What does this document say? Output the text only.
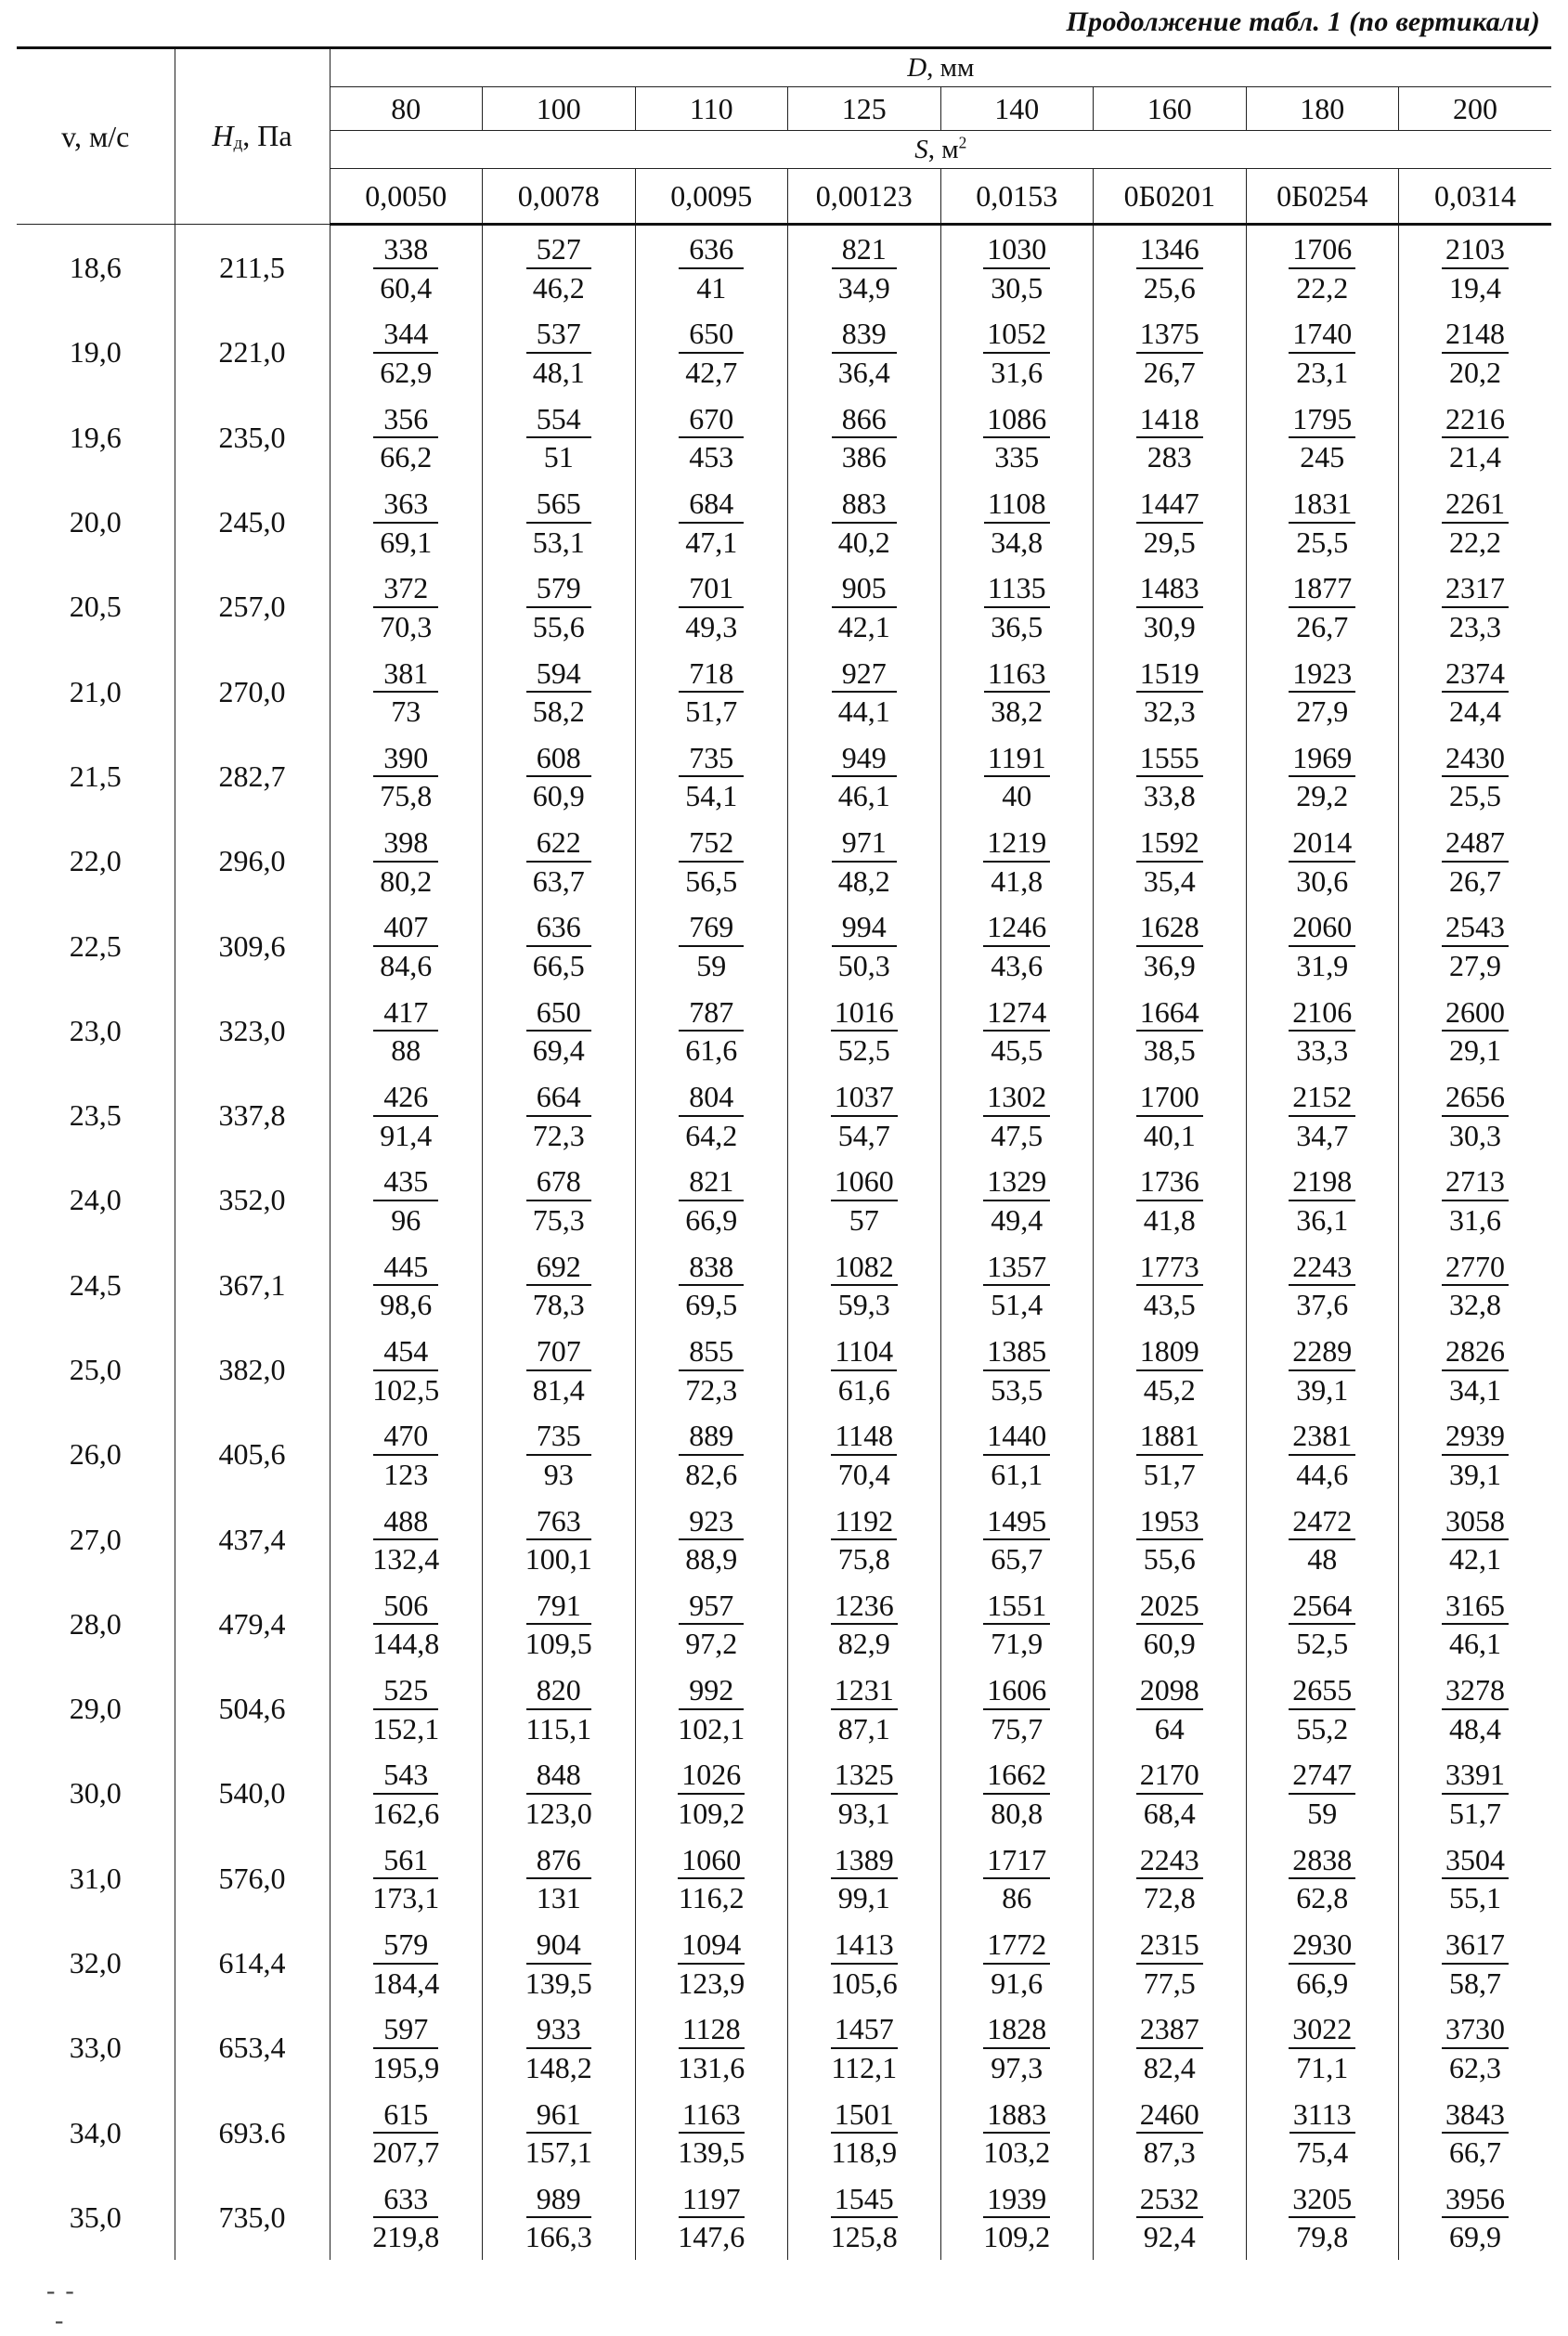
Продолжение табл. 1 (по вертикали)
v, м/с	$H_д$, Па	D, мм							
		80	100	110	125	140	160	180	200
		S, $м^2$
		0,0050	0,0078	0,0095	0,00123	0,0153	0Б0201	0Б0254	0,0314
18,6	211,5	$\frac{338}{60,4}$	$\frac{527}{46,2}$	$\frac{636}{41}$	$\frac{821}{34,9}$	$\frac{1030}{30,5}$	$\frac{1346}{25,6}$	$\frac{1706}{22,2}$	$\frac{2103}{19,4}$

19,0	221,0	$\frac{344}{62,9}$	$\frac{537}{48,1}$	$\frac{650}{42,7}$	$\frac{839}{36,4}$	$\frac{1052}{31,6}$	$\frac{1375}{26,7}$	$\frac{1740}{23,1}$	$\frac{2148}{20,2}$

19,6	235,0	$\frac{356}{66,2}$	$\frac{554}{51}$	$\frac{670}{453}$	$\frac{866}{386}$	$\frac{1086}{335}$	$\frac{1418}{283}$	$\frac{1795}{245}$	$\frac{2216}{21,4}$

20,0	245,0	$\frac{363}{69,1}$	$\frac{565}{53,1}$	$\frac{684}{47,1}$	$\frac{883}{40,2}$	$\frac{1108}{34,8}$	$\frac{1447}{29,5}$	$\frac{1831}{25,5}$	$\frac{2261}{22,2}$

20,5	257,0	$\frac{372}{70,3}$	$\frac{579}{55,6}$	$\frac{701}{49,3}$	$\frac{905}{42,1}$	$\frac{1135}{36,5}$	$\frac{1483}{30,9}$	$\frac{1877}{26,7}$	$\frac{2317}{23,3}$

21,0	270,0	$\frac{381}{73}$	$\frac{594}{58,2}$	$\frac{718}{51,7}$	$\frac{927}{44,1}$	$\frac{1163}{38,2}$	$\frac{1519}{32,3}$	$\frac{1923}{27,9}$	$\frac{2374}{24,4}$

21,5	282,7	$\frac{390}{75,8}$	$\frac{608}{60,9}$	$\frac{735}{54,1}$	$\frac{949}{46,1}$	$\frac{1191}{40}$	$\frac{1555}{33,8}$	$\frac{1969}{29,2}$	$\frac{2430}{25,5}$

22,0	296,0	$\frac{398}{80,2}$	$\frac{622}{63,7}$	$\frac{752}{56,5}$	$\frac{971}{48,2}$	$\frac{1219}{41,8}$	$\frac{1592}{35,4}$	$\frac{2014}{30,6}$	$\frac{2487}{26,7}$

22,5	309,6	$\frac{407}{84,6}$	$\frac{636}{66,5}$	$\frac{769}{59}$	$\frac{994}{50,3}$	$\frac{1246}{43,6}$	$\frac{1628}{36,9}$	$\frac{2060}{31,9}$	$\frac{2543}{27,9}$

23,0	323,0	$\frac{417}{88}$	$\frac{650}{69,4}$	$\frac{787}{61,6}$	$\frac{1016}{52,5}$	$\frac{1274}{45,5}$	$\frac{1664}{38,5}$	$\frac{2106}{33,3}$	$\frac{2600}{29,1}$

23,5	337,8	$\frac{426}{91,4}$	$\frac{664}{72,3}$	$\frac{804}{64,2}$	$\frac{1037}{54,7}$	$\frac{1302}{47,5}$	$\frac{1700}{40,1}$	$\frac{2152}{34,7}$	$\frac{2656}{30,3}$

24,0	352,0	$\frac{435}{96}$	$\frac{678}{75,3}$	$\frac{821}{66,9}$	$\frac{1060}{57}$	$\frac{1329}{49,4}$	$\frac{1736}{41,8}$	$\frac{2198}{36,1}$	$\frac{2713}{31,6}$

24,5	367,1	$\frac{445}{98,6}$	$\frac{692}{78,3}$	$\frac{838}{69,5}$	$\frac{1082}{59,3}$	$\frac{1357}{51,4}$	$\frac{1773}{43,5}$	$\frac{2243}{37,6}$	$\frac{2770}{32,8}$

25,0	382,0	$\frac{454}{102,5}$	$\frac{707}{81,4}$	$\frac{855}{72,3}$	$\frac{1104}{61,6}$	$\frac{1385}{53,5}$	$\frac{1809}{45,2}$	$\frac{2289}{39,1}$	$\frac{2826}{34,1}$

26,0	405,6	$\frac{470}{123}$	$\frac{735}{93}$	$\frac{889}{82,6}$	$\frac{1148}{70,4}$	$\frac{1440}{61,1}$	$\frac{1881}{51,7}$	$\frac{2381}{44,6}$	$\frac{2939}{39,1}$

27,0	437,4	$\frac{488}{132,4}$	$\frac{763}{100,1}$	$\frac{923}{88,9}$	$\frac{1192}{75,8}$	$\frac{1495}{65,7}$	$\frac{1953}{55,6}$	$\frac{2472}{48}$	$\frac{3058}{42,1}$

28,0	479,4	$\frac{506}{144,8}$	$\frac{791}{109,5}$	$\frac{957}{97,2}$	$\frac{1236}{82,9}$	$\frac{1551}{71,9}$	$\frac{2025}{60,9}$	$\frac{2564}{52,5}$	$\frac{3165}{46,1}$

29,0	504,6	$\frac{525}{152,1}$	$\frac{820}{115,1}$	$\frac{992}{102,1}$	$\frac{1231}{87,1}$	$\frac{1606}{75,7}$	$\frac{2098}{64}$	$\frac{2655}{55,2}$	$\frac{3278}{48,4}$

30,0	540,0	$\frac{543}{162,6}$	$\frac{848}{123,0}$	$\frac{1026}{109,2}$	$\frac{1325}{93,1}$	$\frac{1662}{80,8}$	$\frac{2170}{68,4}$	$\frac{2747}{59}$	$\frac{3391}{51,7}$

31,0	576,0	$\frac{561}{173,1}$	$\frac{876}{131}$	$\frac{1060}{116,2}$	$\frac{1389}{99,1}$	$\frac{1717}{86}$	$\frac{2243}{72,8}$	$\frac{2838}{62,8}$	$\frac{3504}{55,1}$

32,0	614,4	$\frac{579}{184,4}$	$\frac{904}{139,5}$	$\frac{1094}{123,9}$	$\frac{1413}{105,6}$	$\frac{1772}{91,6}$	$\frac{2315}{77,5}$	$\frac{2930}{66,9}$	$\frac{3617}{58,7}$

33,0	653,4	$\frac{597}{195,9}$	$\frac{933}{148,2}$	$\frac{1128}{131,6}$	$\frac{1457}{112,1}$	$\frac{1828}{97,3}$	$\frac{2387}{82,4}$	$\frac{3022}{71,1}$	$\frac{3730}{62,3}$

34,0	693.6	$\frac{615}{207,7}$	$\frac{961}{157,1}$	$\frac{1163}{139,5}$	$\frac{1501}{118,9}$	$\frac{1883}{103,2}$	$\frac{2460}{87,3}$	$\frac{3113}{75,4}$	$\frac{3843}{66,7}$

35,0	735,0	$\frac{633}{219,8}$	$\frac{989}{166,3}$	$\frac{1197}{147,6}$	$\frac{1545}{125,8}$	$\frac{1939}{109,2}$	$\frac{2532}{92,4}$	$\frac{3205}{79,8}$	$\frac{3956}{69,9}$
- -
-
